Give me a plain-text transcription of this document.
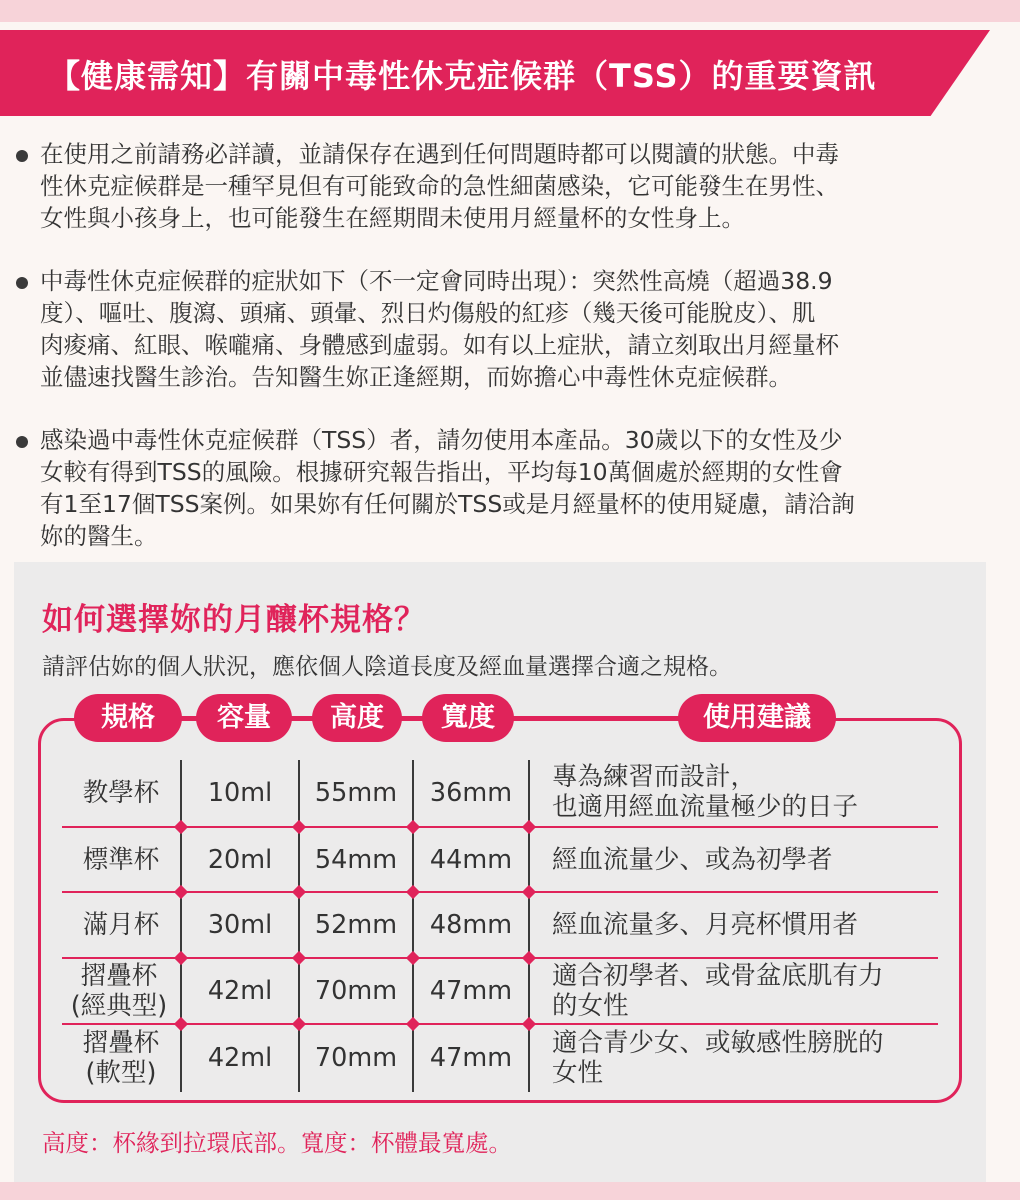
【健康需知】有關中毒性休克症候群（TSS）的重要資訊
在使用之前請務必詳讀，並請保存在遇到任何問題時都可以閱讀的狀態。中毒
性休克症候群是一種罕見但有可能致命的急性細菌感染，它可能發生在男性、
女性與小孩身上，也可能發生在經期間未使用月經量杯的女性身上。
中毒性休克症候群的症狀如下（不一定會同時出現）：突然性高燒（超過38.9
度）、嘔吐、腹瀉、頭痛、頭暈、烈日灼傷般的紅疹（幾天後可能脫皮）、肌
肉痠痛、紅眼、喉嚨痛、身體感到虛弱。如有以上症狀，請立刻取出月經量杯
並儘速找醫生診治。告知醫生妳正逢經期，而妳擔心中毒性休克症候群。
感染過中毒性休克症候群（TSS）者，請勿使用本產品。30歲以下的女性及少
女較有得到TSS的風險。根據研究報告指出，平均每10萬個處於經期的女性會
有1至17個TSS案例。如果妳有任何關於TSS或是月經量杯的使用疑慮，請洽詢
妳的醫生。
如何選擇妳的月釀杯規格？
請評估妳的個人狀況，應依個人陰道長度及經血量選擇合適之規格。
規格	容量	高度	寬度	使用建議
教學杯	10ml	55mm	36mm
專為練習而設計，
也適用經血流量極少的日子
標準杯	20ml	54mm	44mm	經血流量少、或為初學者
滿月杯	30ml	52mm	48mm	經血流量多、月亮杯慣用者
摺疊杯
(經典型)	42ml	70mm	47mm	適合初學者、或骨盆底肌有力
的女性
摺疊杯
(軟型)	42ml	70mm	47mm	適合青少女、或敏感性膀胱的
女性
高度：杯緣到拉環底部。寬度：杯體最寬處。
